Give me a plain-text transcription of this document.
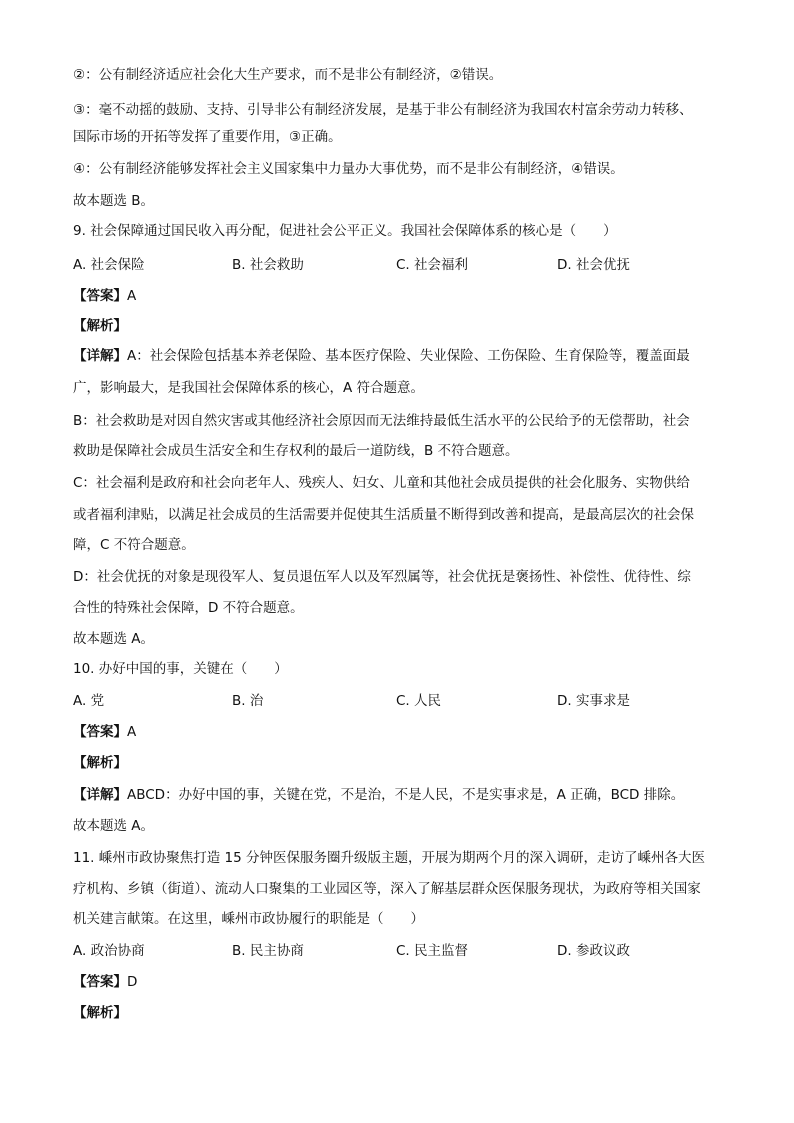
②：公有制经济适应社会化大生产要求，而不是非公有制经济，②错误。
③：毫不动摇的鼓励、支持、引导非公有制经济发展，是基于非公有制经济为我国农村富余劳动力转移、
国际市场的开拓等发挥了重要作用，③正确。
④：公有制经济能够发挥社会主义国家集中力量办大事优势，而不是非公有制经济，④错误。
故本题选 B。
9. 社会保障通过国民收入再分配，促进社会公平正义。我国社会保障体系的核心是（　　）
A. 社会保险	B. 社会救助	C. 社会福利	D. 社会优抚
【答案】A
【解析】
【详解】A：社会保险包括基本养老保险、基本医疗保险、失业保险、工伤保险、生育保险等，覆盖面最
广，影响最大，是我国社会保障体系的核心，A 符合题意。
B：社会救助是对因自然灾害或其他经济社会原因而无法维持最低生活水平的公民给予的无偿帮助，社会
救助是保障社会成员生活安全和生存权利的最后一道防线，B 不符合题意。
C：社会福利是政府和社会向老年人、残疾人、妇女、儿童和其他社会成员提供的社会化服务、实物供给
或者福利津贴，以满足社会成员的生活需要并促使其生活质量不断得到改善和提高，是最高层次的社会保
障，C 不符合题意。
D：社会优抚的对象是现役军人、复员退伍军人以及军烈属等，社会优抚是褒扬性、补偿性、优待性、综
合性的特殊社会保障，D 不符合题意。
故本题选 A。
10. 办好中国的事，关键在（　　）
A. 党	B. 治	C. 人民	D. 实事求是
【答案】A
【解析】
【详解】ABCD：办好中国的事，关键在党，不是治，不是人民，不是实事求是，A 正确，BCD 排除。
故本题选 A。
11. 嵊州市政协聚焦打造 15 分钟医保服务圈升级版主题，开展为期两个月的深入调研，走访了嵊州各大医
疗机构、乡镇（街道）、流动人口聚集的工业园区等，深入了解基层群众医保服务现状，为政府等相关国家
机关建言献策。在这里，嵊州市政协履行的职能是（　　）
A. 政治协商	B. 民主协商	C. 民主监督	D. 参政议政
【答案】D
【解析】
